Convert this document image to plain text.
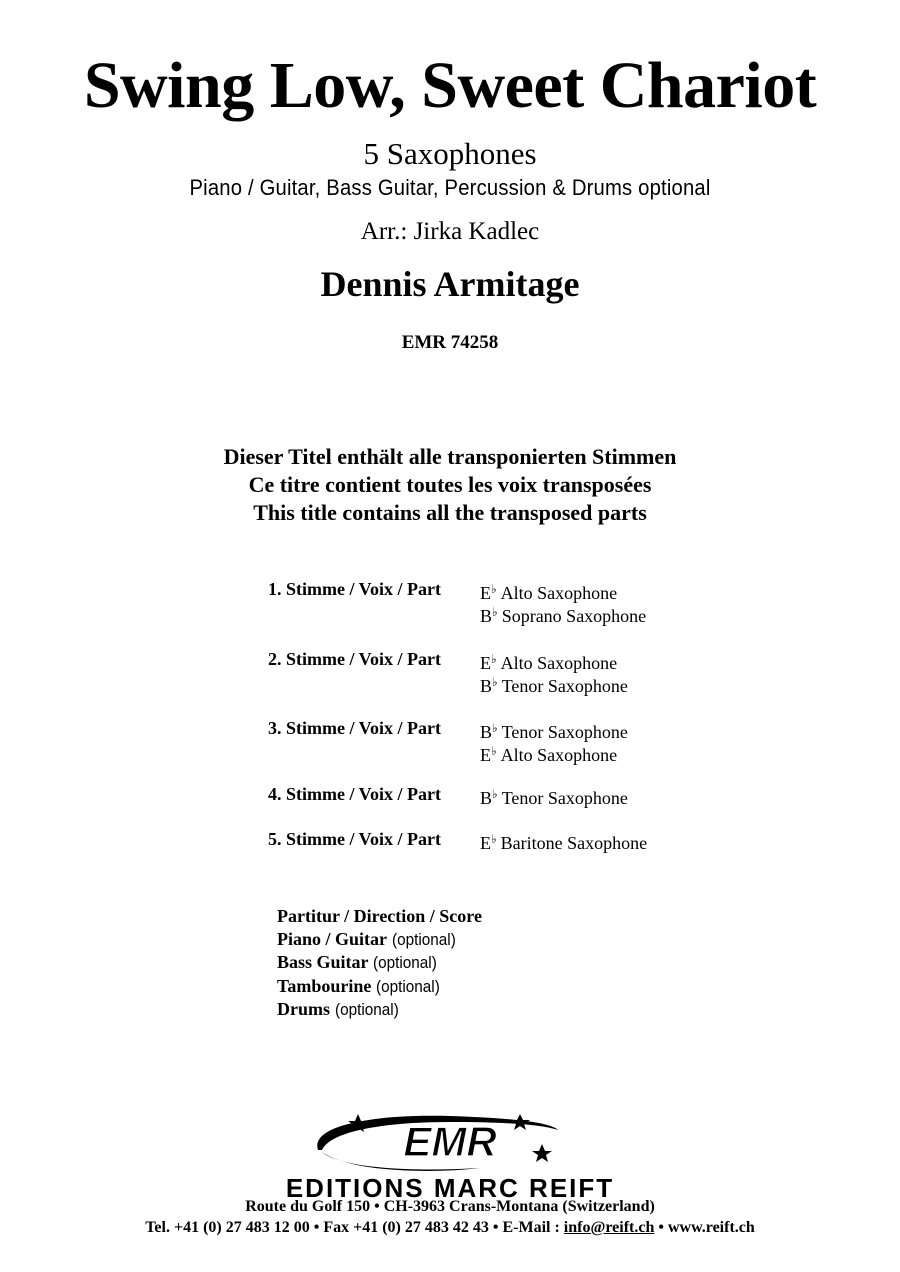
Swing Low, Sweet Chariot
5 Saxophones
Piano / Guitar, Bass Guitar, Percussion & Drums optional
Arr.: Jirka Kadlec
Dennis Armitage
EMR 74258
Dieser Titel enthält alle transponierten Stimmen
Ce titre contient toutes les voix transposées
This title contains all the transposed parts
1. Stimme / Voix / Part E♭ Alto Saxophone
B♭ Soprano Saxophone
2. Stimme / Voix / Part E♭ Alto Saxophone
B♭ Tenor Saxophone
3. Stimme / Voix / Part B♭ Tenor Saxophone
E♭ Alto Saxophone
4. Stimme / Voix / Part B♭ Tenor Saxophone
5. Stimme / Voix / Part E♭ Baritone Saxophone
Partitur / Direction / Score
Piano / Guitar (optional)
Bass Guitar (optional)
Tambourine (optional)
Drums (optional)
EMR
EDITIONS MARC REIFT
Route du Golf 150 • CH-3963 Crans-Montana (Switzerland)
Tel. +41 (0) 27 483 12 00 • Fax +41 (0) 27 483 42 43 • E-Mail : info@reift.ch • www.reift.ch
